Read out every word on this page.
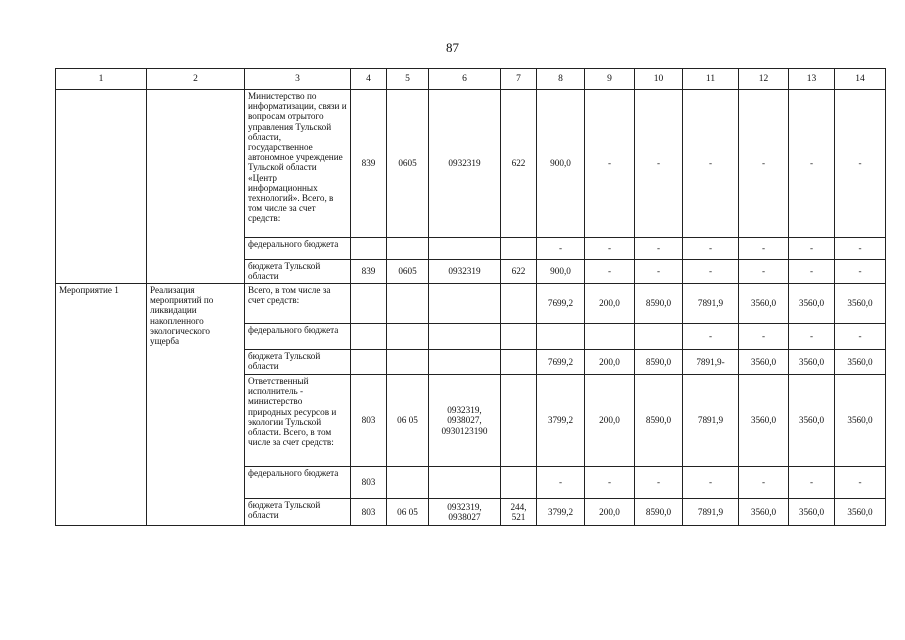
87
1	2	3	4	5	6	7	8	9	10	11	12	13	14
		Министерство по информатизации, связи и вопросам отрытого управления Тульской области, государственное автономное учреждение Тульской области «Центр информационных технологий». Всего, в том числе за счет средств:	839	0605	0932319	622	900,0	-	-	-	-	-	-
		федерального бюджета					-	-	-	-	-	-	-
		бюджета Тульской области	839	0605	0932319	622	900,0	-	-	-	-	-	-
Мероприятие 1	Реализация мероприятий по ликвидации накопленного экологического ущерба	Всего, в том числе за счет средств:					7699,2	200,0	8590,0	7891,9	3560,0	3560,0	3560,0
		федерального бюджета								-	-	-	-
		бюджета Тульской области					7699,2	200,0	8590,0	7891,9-	3560,0	3560,0	3560,0
		Ответственный исполнитель - министерство природных ресурсов и экологии Тульской области. Всего, в том числе за счет средств:	803	06 05	0932319, 0938027, 0930123190		3799,2	200,0	8590,0	7891,9	3560,0	3560,0	3560,0
		федерального бюджета	803				-	-	-	-	-	-	-
		бюджета Тульской области	803	06 05	0932319, 0938027	244, 521	3799,2	200,0	8590,0	7891,9	3560,0	3560,0	3560,0
